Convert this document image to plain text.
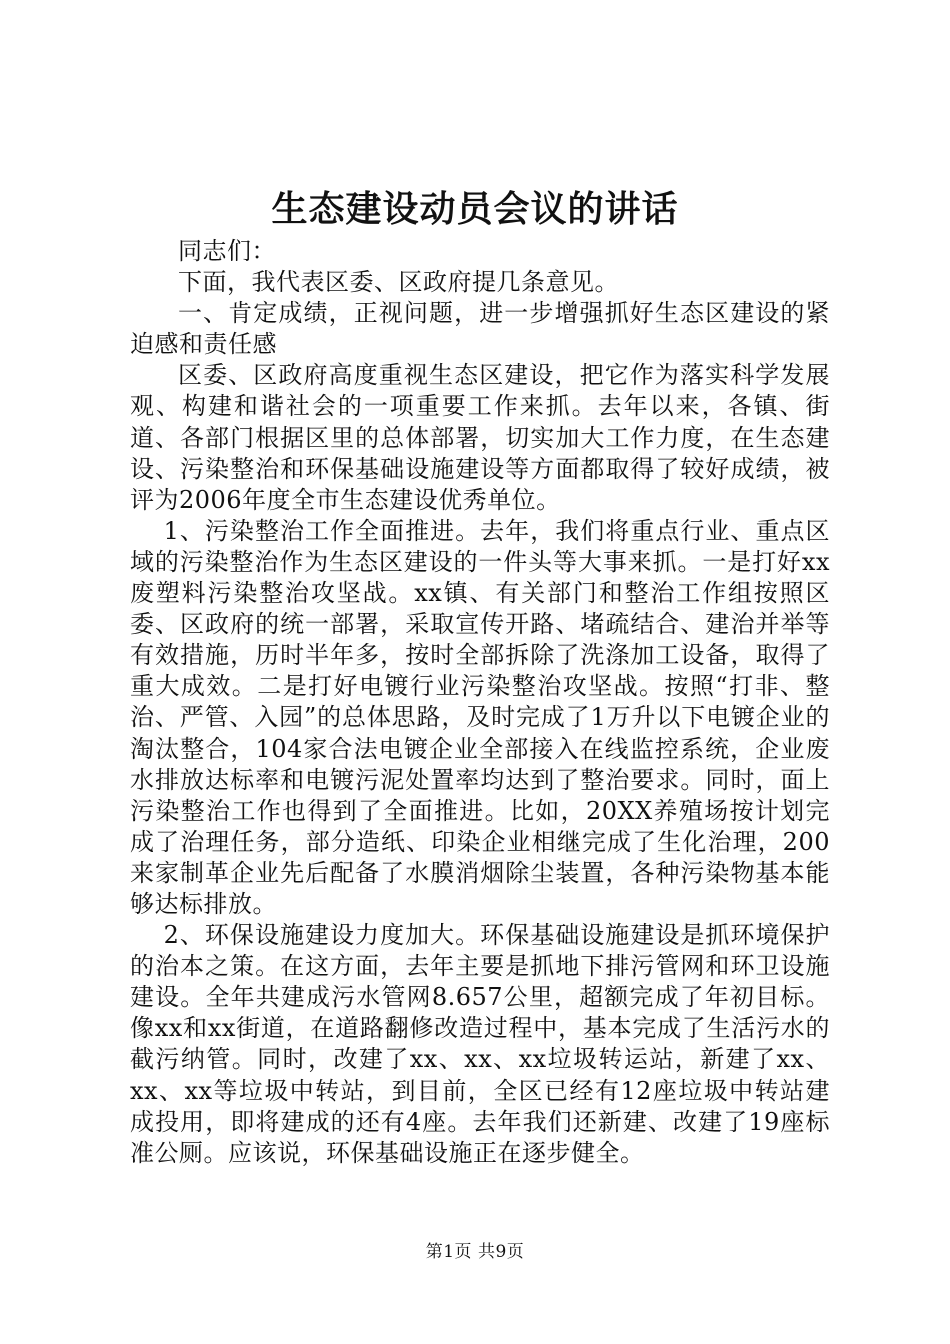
生态建设动员会议的讲话

同志们：

下面，我代表区委、区政府提几条意见。

一、肯定成绩，正视问题，进一步增强抓好生态区建设的紧迫感和责任感

区委、区政府高度重视生态区建设，把它作为落实科学发展观、构建和谐社会的一项重要工作来抓。去年以来，各镇、街道、各部门根据区里的总体部署，切实加大工作力度，在生态建设、污染整治和环保基础设施建设等方面都取得了较好成绩，被评为2006年度全市生态建设优秀单位。

1、污染整治工作全面推进。去年，我们将重点行业、重点区域的污染整治作为生态区建设的一件头等大事来抓。一是打好xx废塑料污染整治攻坚战。xx镇、有关部门和整治工作组按照区委、区政府的统一部署，采取宣传开路、堵疏结合、建治并举等有效措施，历时半年多，按时全部拆除了洗涤加工设备，取得了重大成效。二是打好电镀行业污染整治攻坚战。按照“打非、整治、严管、入园”的总体思路，及时完成了1万升以下电镀企业的淘汰整合，104家合法电镀企业全部接入在线监控系统，企业废水排放达标率和电镀污泥处置率均达到了整治要求。同时，面上污染整治工作也得到了全面推进。比如，20XX养殖场按计划完成了治理任务，部分造纸、印染企业相继完成了生化治理，200来家制革企业先后配备了水膜消烟除尘装置，各种污染物基本能够达标排放。

2、环保设施建设力度加大。环保基础设施建设是抓环境保护的治本之策。在这方面，去年主要是抓地下排污管网和环卫设施建设。全年共建成污水管网8.657公里，超额完成了年初目标。像xx和xx街道，在道路翻修改造过程中，基本完成了生活污水的截污纳管。同时，改建了xx、xx、xx垃圾转运站，新建了xx、xx、xx等垃圾中转站，到目前，全区已经有12座垃圾中转站建成投用，即将建成的还有4座。去年我们还新建、改建了19座标准公厕。应该说，环保基础设施正在逐步健全。

第1页 共9页
